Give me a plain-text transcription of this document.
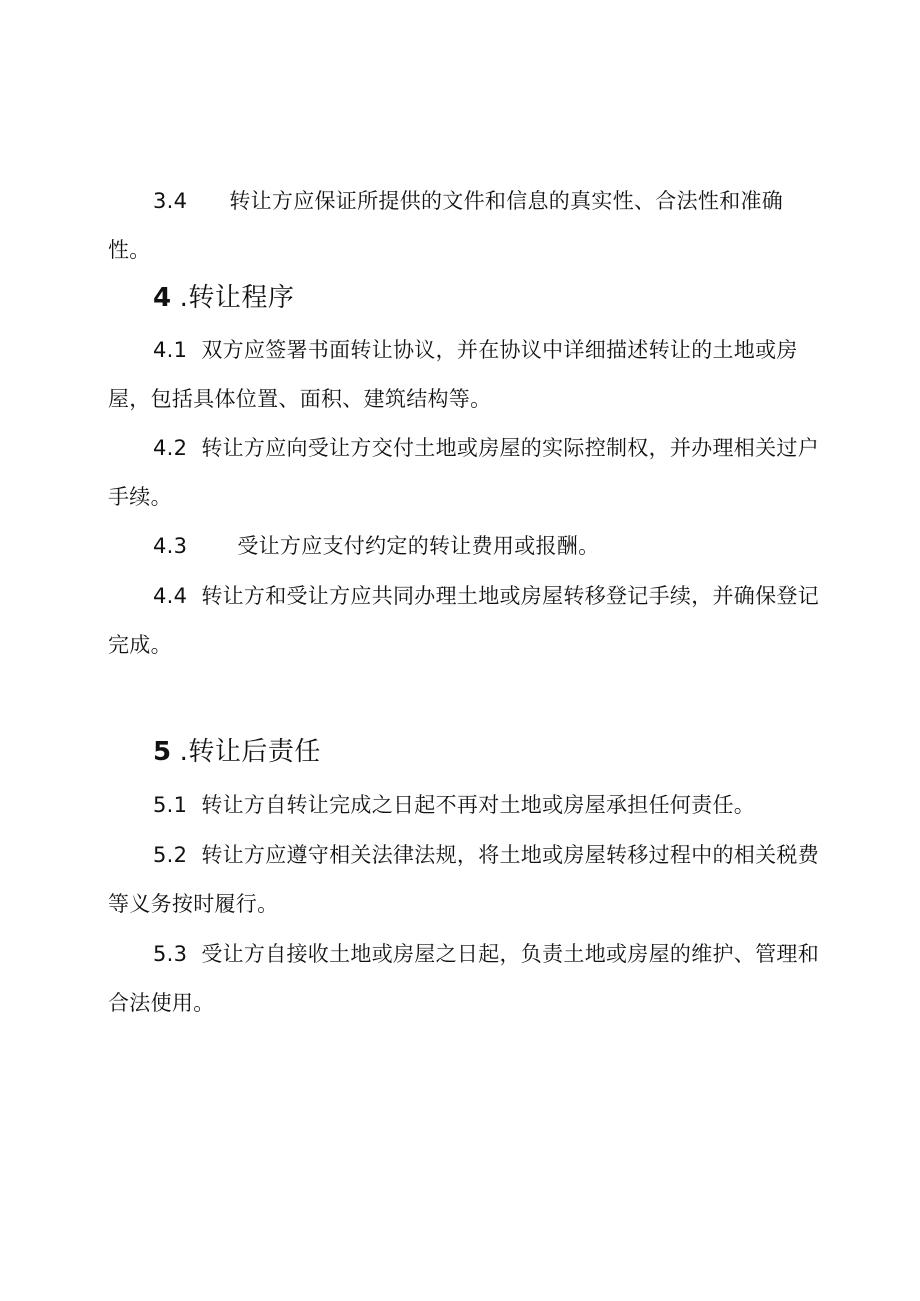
3.4 转让方应保证所提供的文件和信息的真实性、合法性和准确性。

4 .转让程序

4.1 双方应签署书面转让协议，并在协议中详细描述转让的土地或房屋，包括具体位置、面积、建筑结构等。

4.2 转让方应向受让方交付土地或房屋的实际控制权，并办理相关过户手续。

4.3 受让方应支付约定的转让费用或报酬。

4.4 转让方和受让方应共同办理土地或房屋转移登记手续，并确保登记完成。

5 .转让后责任

5.1 转让方自转让完成之日起不再对土地或房屋承担任何责任。

5.2 转让方应遵守相关法律法规，将土地或房屋转移过程中的相关税费等义务按时履行。

5.3 受让方自接收土地或房屋之日起，负责土地或房屋的维护、管理和合法使用。
